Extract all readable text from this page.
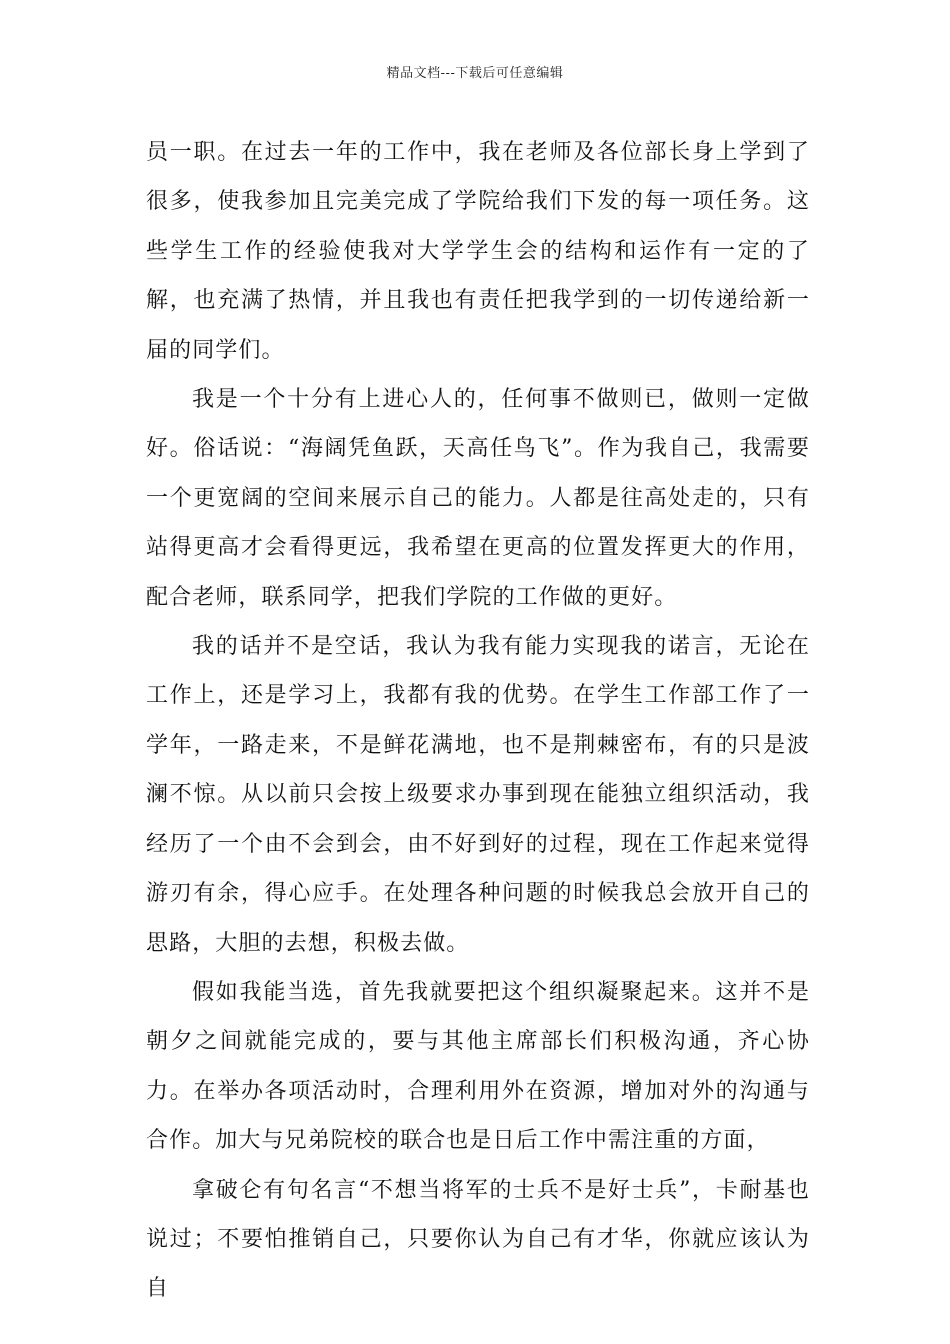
精品文档---下载后可任意编辑

员一职。在过去一年的工作中，我在老师及各位部长身上学到了很多，使我参加且完美完成了学院给我们下发的每一项任务。这些学生工作的经验使我对大学学生会的结构和运作有一定的了解，也充满了热情，并且我也有责任把我学到的一切传递给新一届的同学们。

我是一个十分有上进心人的，任何事不做则已，做则一定做好。俗话说：“海阔凭鱼跃，天高任鸟飞”。作为我自己，我需要一个更宽阔的空间来展示自己的能力。人都是往高处走的，只有站得更高才会看得更远，我希望在更高的位置发挥更大的作用，配合老师，联系同学，把我们学院的工作做的更好。

我的话并不是空话，我认为我有能力实现我的诺言，无论在工作上，还是学习上，我都有我的优势。在学生工作部工作了一学年，一路走来，不是鲜花满地，也不是荆棘密布，有的只是波澜不惊。从以前只会按上级要求办事到现在能独立组织活动，我经历了一个由不会到会，由不好到好的过程，现在工作起来觉得游刃有余，得心应手。在处理各种问题的时候我总会放开自己的思路，大胆的去想，积极去做。

假如我能当选，首先我就要把这个组织凝聚起来。这并不是朝夕之间就能完成的，要与其他主席部长们积极沟通，齐心协力。在举办各项活动时，合理利用外在资源，增加对外的沟通与合作。加大与兄弟院校的联合也是日后工作中需注重的方面，

拿破仑有句名言“不想当将军的士兵不是好士兵”，卡耐基也说过；不要怕推销自己，只要你认为自己有才华，你就应该认为自
